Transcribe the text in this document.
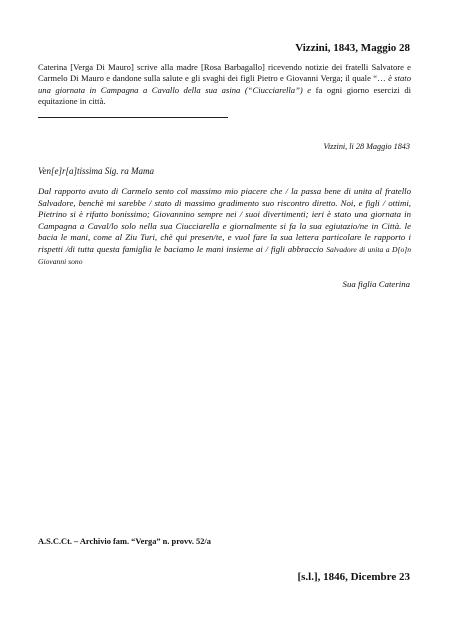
Vizzini, 1843, Maggio 28
Caterina [Verga Di Mauro] scrive alla madre [Rosa Barbagallo] ricevendo notizie dei fratelli Salvatore e Carmelo Di Mauro e dandone sulla salute e gli svaghi dei figli Pietro e Giovanni Verga; il quale “… è stato una giornata in Campagna a Cavallo della sua asina (“Ciucciarella”) e fa ogni giorno esercizi di equitazione in città.
Vizzini, li 28 Maggio 1843
Ven[e]r[a]tissima Sig. ra Mama
Dal rapporto avuto di Carmelo sento col massimo mio piacere che / la passa bene di unita al fratello Salvadore, benchè mi sarebbe / stato di massimo gradimento suo riscontro diretto. Noi, e figli / ottimi, Pietrino si è rifatto bonissimo; Giovannino sempre nei / suoi divertimenti; ieri è stato una giornata in Campagna a Caval/lo solo nella sua Ciucciarella e giornalmente si fa la sua egiutazio/ne in Città. le bacia le mani, come al Ziu Turi, chè qui presen/te, e vuol fare la sua lettera particolare le rapporto i rispetti /di tutta questa famiglia le baciamo le mani insieme ai / figli abbraccio Salvadore di unita a D[o]n Giovanni sono
Sua figlia Caterina
A.S.C.Ct. – Archivio fam. “Verga” n. provv. 52/a
[s.l.], 1846, Dicembre 23
